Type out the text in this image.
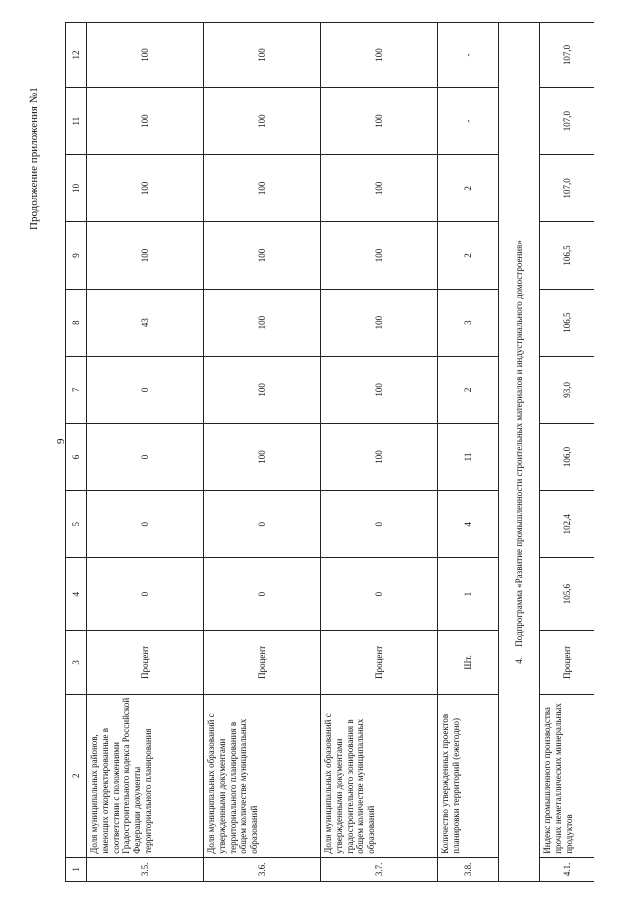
9
Продолжение приложения №1
1	2	3	4	5	6	7	8	9	10	11	12
3.5.	Доля муниципальных районов, имеющих откорректированные в соответствии с положениями Градостроительного кодекса Российской Федерации документы территориального планирования	Процент	0	0	0	0	43	100	100	100	100
3.6.	Доля муниципальных образований с утвержденными документами территориального планирования в общем количестве муниципальных образований	Процент	0	0	100	100	100	100	100	100	100
3.7.	Доля муниципальных образований с утвержденными документами градостроительного зонирования в общем количестве муниципальных образований	Процент	0	0	100	100	100	100	100	100	100
3.8.	Количество утвержденных проектов планировки территорий (ежегодно)	Шт.	1	4	11	2	3	2	2	-	-
4. Подпрограмма «Развитие промышленности строительных материалов и индустриального домостроения»											
4.1.	Индекс промышленного производства прочих неметаллических минеральных продуктов	Процент	105,6	102,4	106,0	93,0	106,5	106,5	107,0	107,0	107,0
